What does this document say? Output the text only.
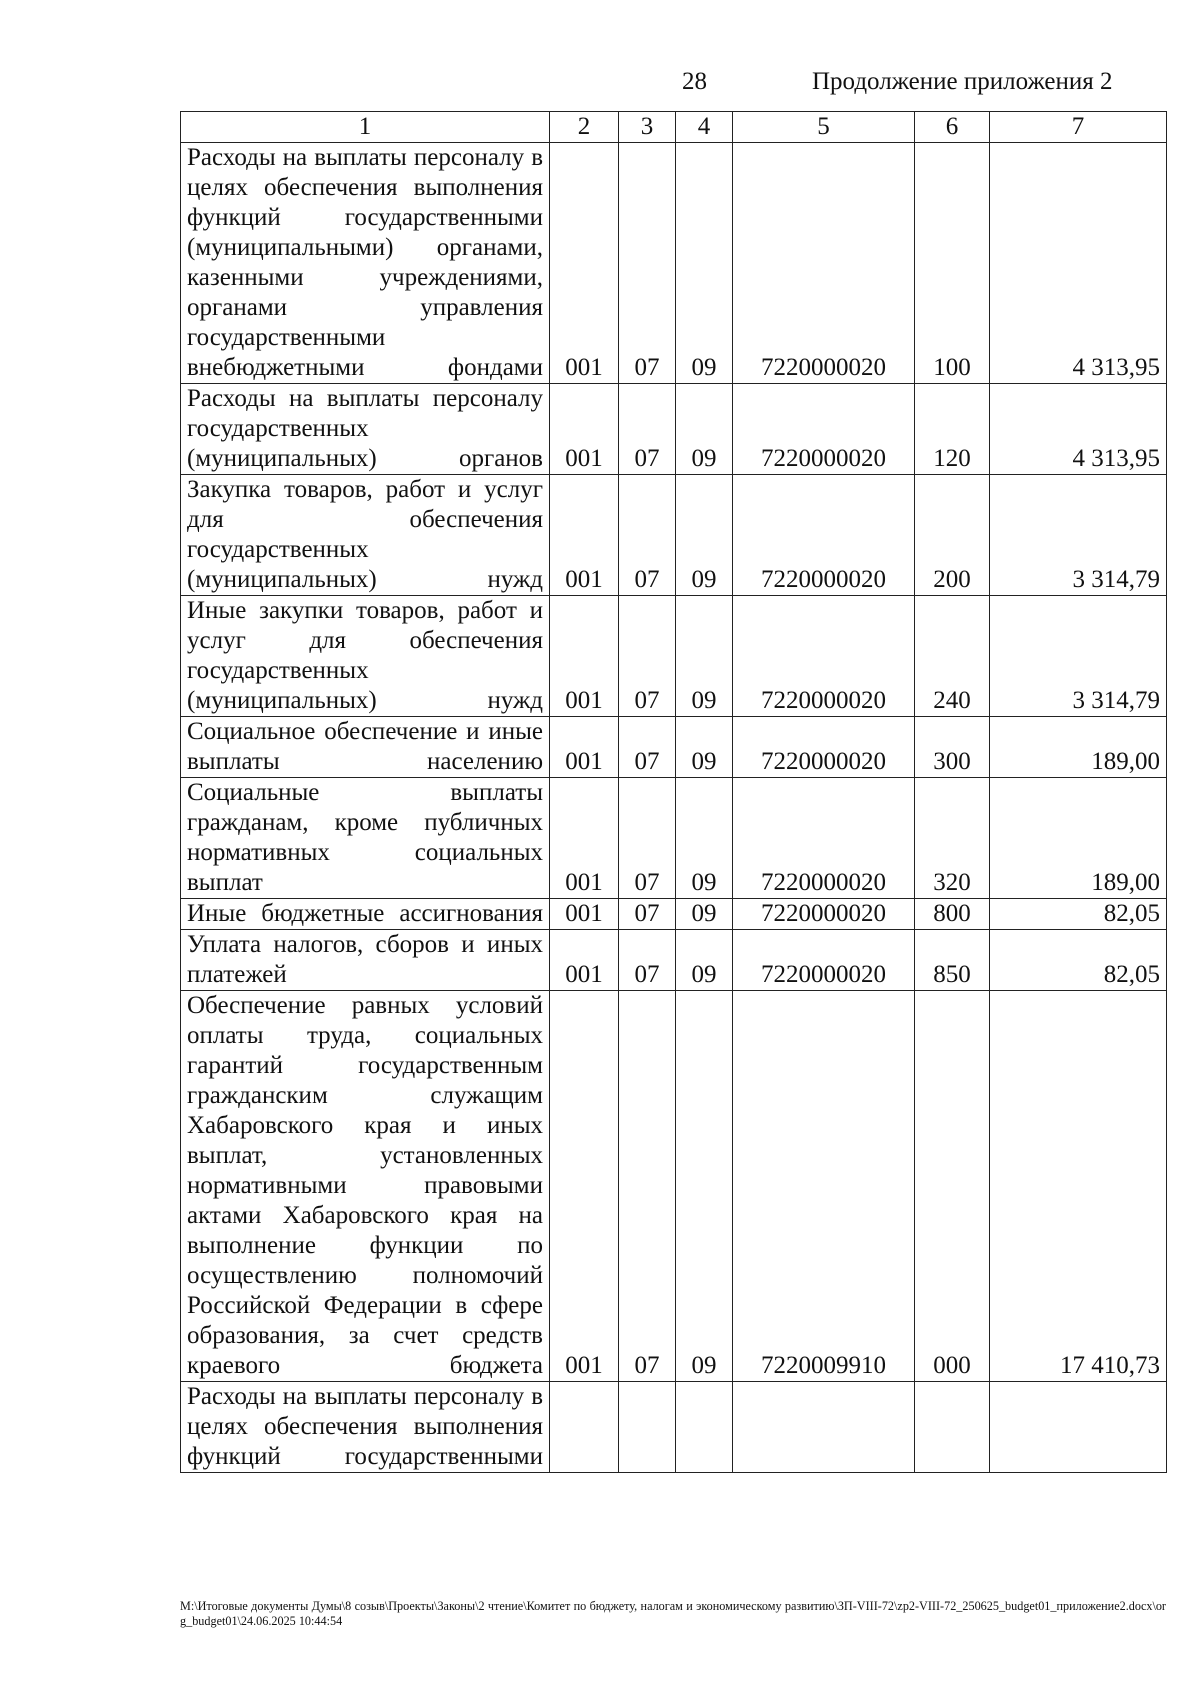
28	Продолжение приложения 2
1	2	3	4	5	6	7
Расходы на выплаты персоналу в целях обеспечения выполнения функций государственными (муниципальными) органами, казенными учреждениями, органами управления государственными внебюджетными фондами	001	07	09	7220000020	100	4 313,95
Расходы на выплаты персоналу государственных (муниципальных) органов	001	07	09	7220000020	120	4 313,95
Закупка товаров, работ и услуг для обеспечения государственных (муниципальных) нужд	001	07	09	7220000020	200	3 314,79
Иные закупки товаров, работ и услуг для обеспечения государственных (муниципальных) нужд	001	07	09	7220000020	240	3 314,79
Социальное обеспечение и иные выплаты населению	001	07	09	7220000020	300	189,00
Социальные выплаты гражданам, кроме публичных нормативных социальных выплат	001	07	09	7220000020	320	189,00
Иные бюджетные ассигнования	001	07	09	7220000020	800	82,05
Уплата налогов, сборов и иных платежей	001	07	09	7220000020	850	82,05
Обеспечение равных условий оплаты труда, социальных гарантий государственным гражданским служащим Хабаровского края и иных выплат, установленных нормативными правовыми актами Хабаровского края на выполнение функции по осуществлению полномочий Российской Федерации в сфере образования, за счет средств краевого бюджета	001	07	09	7220009910	000	17 410,73
Расходы на выплаты персоналу в целях обеспечения выполнения функций государственными						
М:\Итоговые документы Думы\8 созыв\Проекты\Законы\2 чтение\Комитет по бюджету, налогам и экономическому развитию\ЗП-VIII-72\zp2-VIII-72_250625_budget01_приложение2.docx\org_budget01\24.06.2025 10:44:54
